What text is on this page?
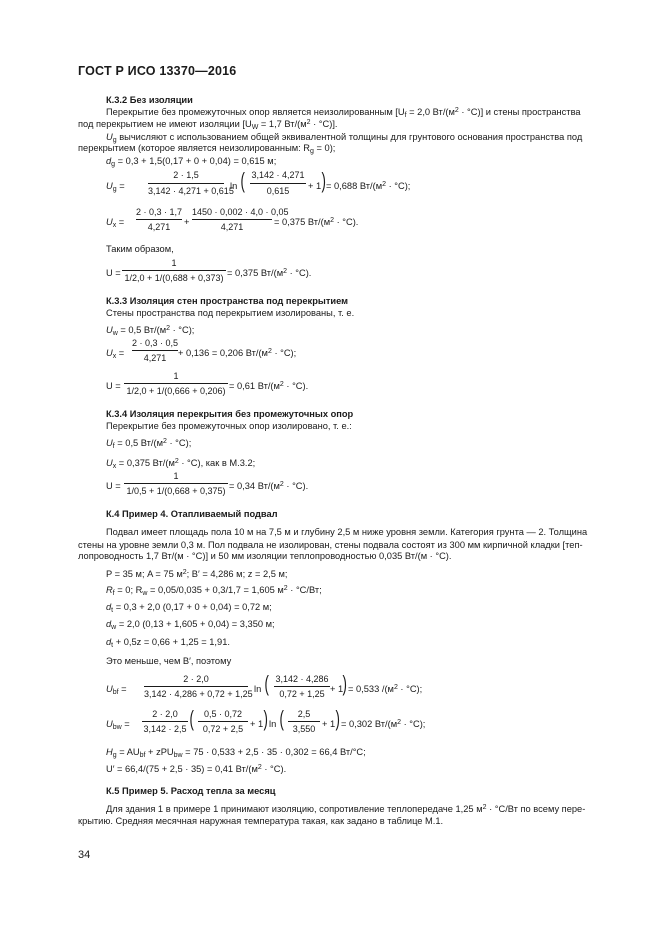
ГОСТ Р ИСО 13370—2016
К.3.2 Без изоляции
Перекрытие без промежуточных опор является неизолированным [$U_f = 2,0$ $Вт/(м^2 \cdot ^\circ С)$] и стены пространства
под перекрытием не имеют изоляции [$U_W = 1,7$ $Вт/(м^2 \cdot ^\circ С)$].
$U_g$ вычисляют с использованием общей эквивалентной толщины для грунтового основания пространства под
перекрытием (которое является неизолированным: $R_g = 0$);
$d_g = 0,3 + 1,5(0,17 + 0 + 0,04) = 0,615$ м;
$U_g$ =
2 · 1,5
3,142 · 4,271 + 0,615
ln ( 3,142 · 4,271
0,615	+ 1 ) = 0,688 $Вт/(м^2 \cdot ^\circ С)$;
$U_x$ =
2 · 0,3 · 1,7
4,271	+
1450 · 0,002 · 4,0 · 0,05
4,271	= 0,375 $Вт/(м^2 \cdot ^\circ С)$.
Таким образом,
U =
1
1/2,0 + 1/(0,688 + 0,373) = 0,375 $Вт/(м^2 \cdot ^\circ С)$.
К.3.3 Изоляция стен пространства под перекрытием
Стены пространства под перекрытием изолированы, т. е.
$U_w = 0,5$ $Вт/(м^2 \cdot ^\circ С)$;
$U_x$ =
2 · 0,3 · 0,5
4,271	+ 0,136 = 0,206 $Вт/(м^2 \cdot ^\circ С)$;
U =
1
1/2,0 + 1/(0,666 + 0,206) = 0,61 $Вт/(м^2 \cdot ^\circ С)$.
К.3.4 Изоляция перекрытия без промежуточных опор
Перекрытие без промежуточных опор изолировано, т. е.:
$U_f = 0,5$ $Вт/(м^2 \cdot ^\circ С)$;
$U_x = 0,375$ $Вт/(м^2 \cdot ^\circ С)$, как в М.3.2;
U =
1
1/0,5 + 1/(0,668 + 0,375) = 0,34 $Вт/(м^2 \cdot ^\circ С)$.
К.4 Пример 4. Отапливаемый подвал
Подвал имеет площадь пола 10 м на 7,5 м и глубину 2,5 м ниже уровня земли. Категория грунта — 2. Толщина
стены на уровне земли 0,3 м. Пол подвала не изолирован, стены подвала состоят из 300 мм кирпичной кладки [теп-
лопроводность 1,7 Вт/(м · °С)] и 50 мм изоляции теплопроводностью 0,035 Вт/(м · °С).
P = 35 м; A = 75 $м^2$; B′ = 4,286 м; z = 2,5 м;
$R_f = 0$; $R_w = 0,05/0,035 + 0,3/1,7 = 1,605$ $м^2 \cdot ^\circ С/Вт$;
$d_t = 0,3 + 2,0$ (0,17 + 0 + 0,04) = 0,72 м;
$d_w = 2,0$ (0,13 + 1,605 + 0,04) = 3,350 м;
$d_t + 0,5z = 0,66 + 1,25 = 1,91$.
Это меньше, чем B′, поэтому
$U_{bf}$ =
2 · 2,0
3,142 · 4,286 + 0,72 + 1,25 ln ( 3,142 · 4,286
0,72 + 1,25 + 1 ) = 0,533 $/(м^2 \cdot ^\circ С)$;
$U_{bw}$ =
2 · 2,0
3,142 · 2,5 (	0,5 · 0,72
0,72 + 2,5 + 1 ) ln (	2,5
3,550 + 1 ) = 0,302 $Вт/(м^2 \cdot ^\circ С)$;
$H_g = AU_{bf} + zPU_{bw} = 75 \cdot 0,533 + 2,5 \cdot 35 \cdot 0,302 = 66,4$ Вт/°С;
U′ = 66,4/(75 + 2,5 · 35) = 0,41 $Вт/(м^2 \cdot ^\circ С)$.
К.5 Пример 5. Расход тепла за месяц
Для здания 1 в примере 1 принимают изоляцию, сопротивление теплопередаче 1,25 $м^2 \cdot ^\circ С/Вт$ по всему пере-
крытию. Средняя месячная наружная температура такая, как задано в таблице М.1.
34
